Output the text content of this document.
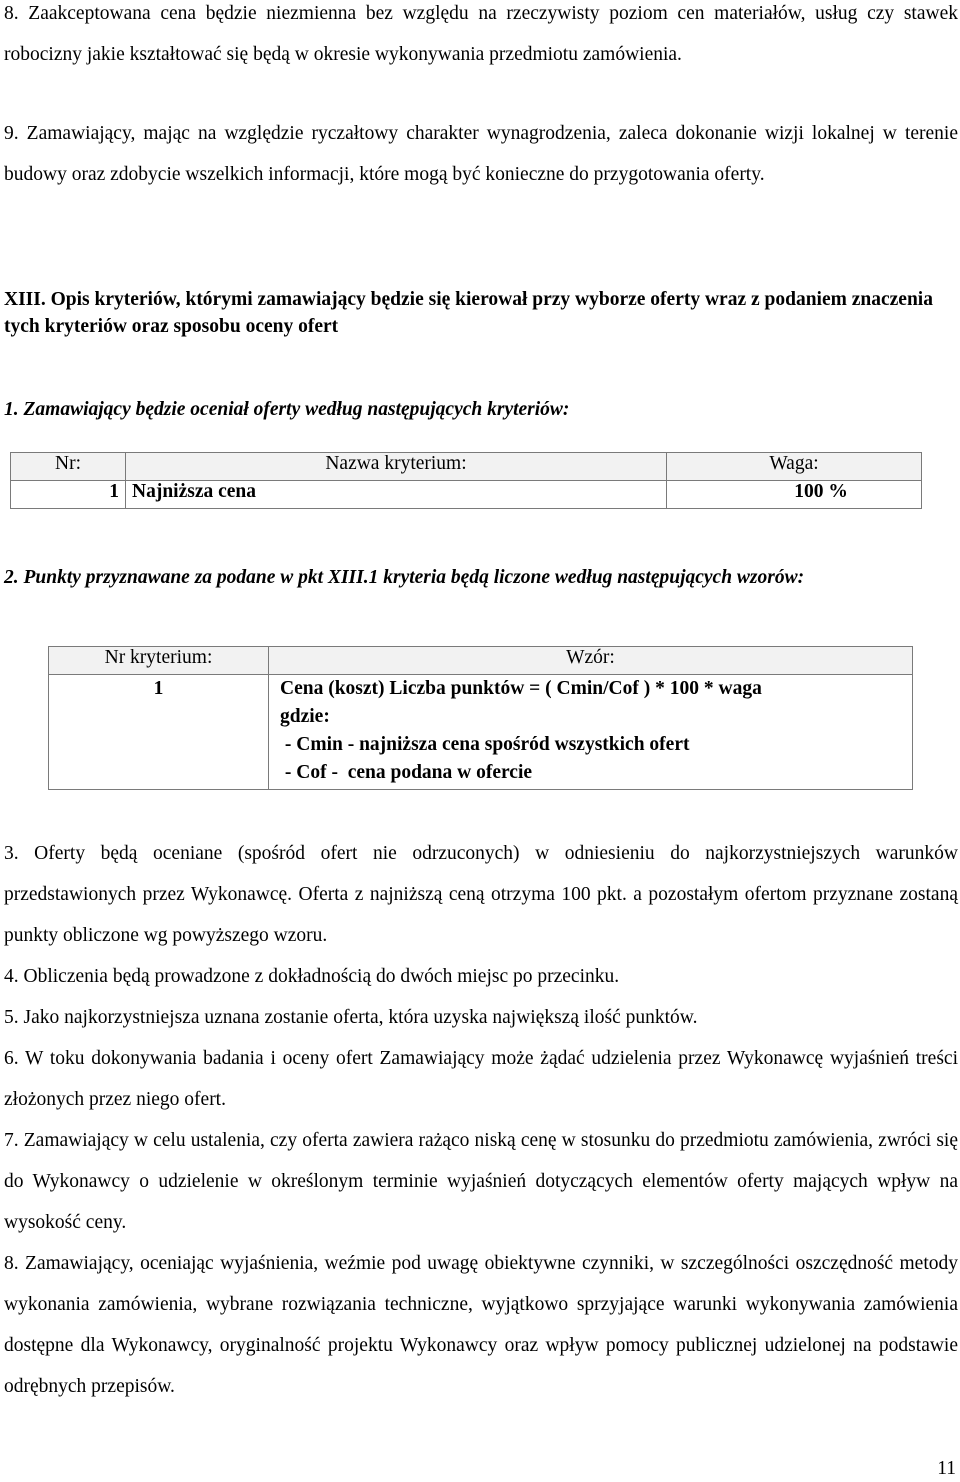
8. Zaakceptowana cena będzie niezmienna bez względu na rzeczywisty poziom cen materiałów, usług czy stawek robocizny jakie kształtować się będą w okresie wykonywania przedmiotu zamówienia.

9. Zamawiający, mając na względzie ryczałtowy charakter wynagrodzenia, zaleca dokonanie wizji lokalnej w terenie budowy oraz zdobycie wszelkich informacji, które mogą być konieczne do przygotowania oferty.

XIII. Opis kryteriów, którymi zamawiający będzie się kierował przy wyborze oferty wraz z podaniem znaczenia tych kryteriów oraz sposobu oceny ofert

1. Zamawiający będzie oceniał oferty według następujących kryteriów:

Nr:	Nazwa kryterium:	Waga:
1	Najniższa cena	100 %

2. Punkty przyznawane za podane w pkt XIII.1 kryteria będą liczone według następujących wzorów:

Nr kryterium:	Wzór:
1	Cena (koszt) Liczba punktów = ( Cmin/Cof ) * 100 * waga
gdzie:
- Cmin - najniższa cena spośród wszystkich ofert
- Cof -  cena podana w ofercie

3. Oferty będą oceniane (spośród ofert nie odrzuconych) w odniesieniu do najkorzystniejszych warunków przedstawionych przez Wykonawcę. Oferta z najniższą ceną otrzyma 100 pkt. a pozostałym ofertom przyznane zostaną punkty obliczone wg powyższego wzoru.

4. Obliczenia będą prowadzone z dokładnością do dwóch miejsc po przecinku.

5. Jako najkorzystniejsza uznana zostanie oferta, która uzyska największą ilość punktów.

6. W toku dokonywania badania i oceny ofert Zamawiający może żądać udzielenia przez Wykonawcę wyjaśnień treści złożonych przez niego ofert.

7. Zamawiający w celu ustalenia, czy oferta zawiera rażąco niską cenę w stosunku do przedmiotu zamówienia, zwróci się do Wykonawcy o udzielenie w określonym terminie wyjaśnień dotyczących elementów oferty mających wpływ na wysokość ceny.

8. Zamawiający, oceniając wyjaśnienia, weźmie pod uwagę obiektywne czynniki, w szczególności oszczędność metody wykonania zamówienia, wybrane rozwiązania techniczne, wyjątkowo sprzyjające warunki wykonywania zamówienia dostępne dla Wykonawcy, oryginalność projektu Wykonawcy oraz wpływ pomocy publicznej udzielonej na podstawie odrębnych przepisów.

11
